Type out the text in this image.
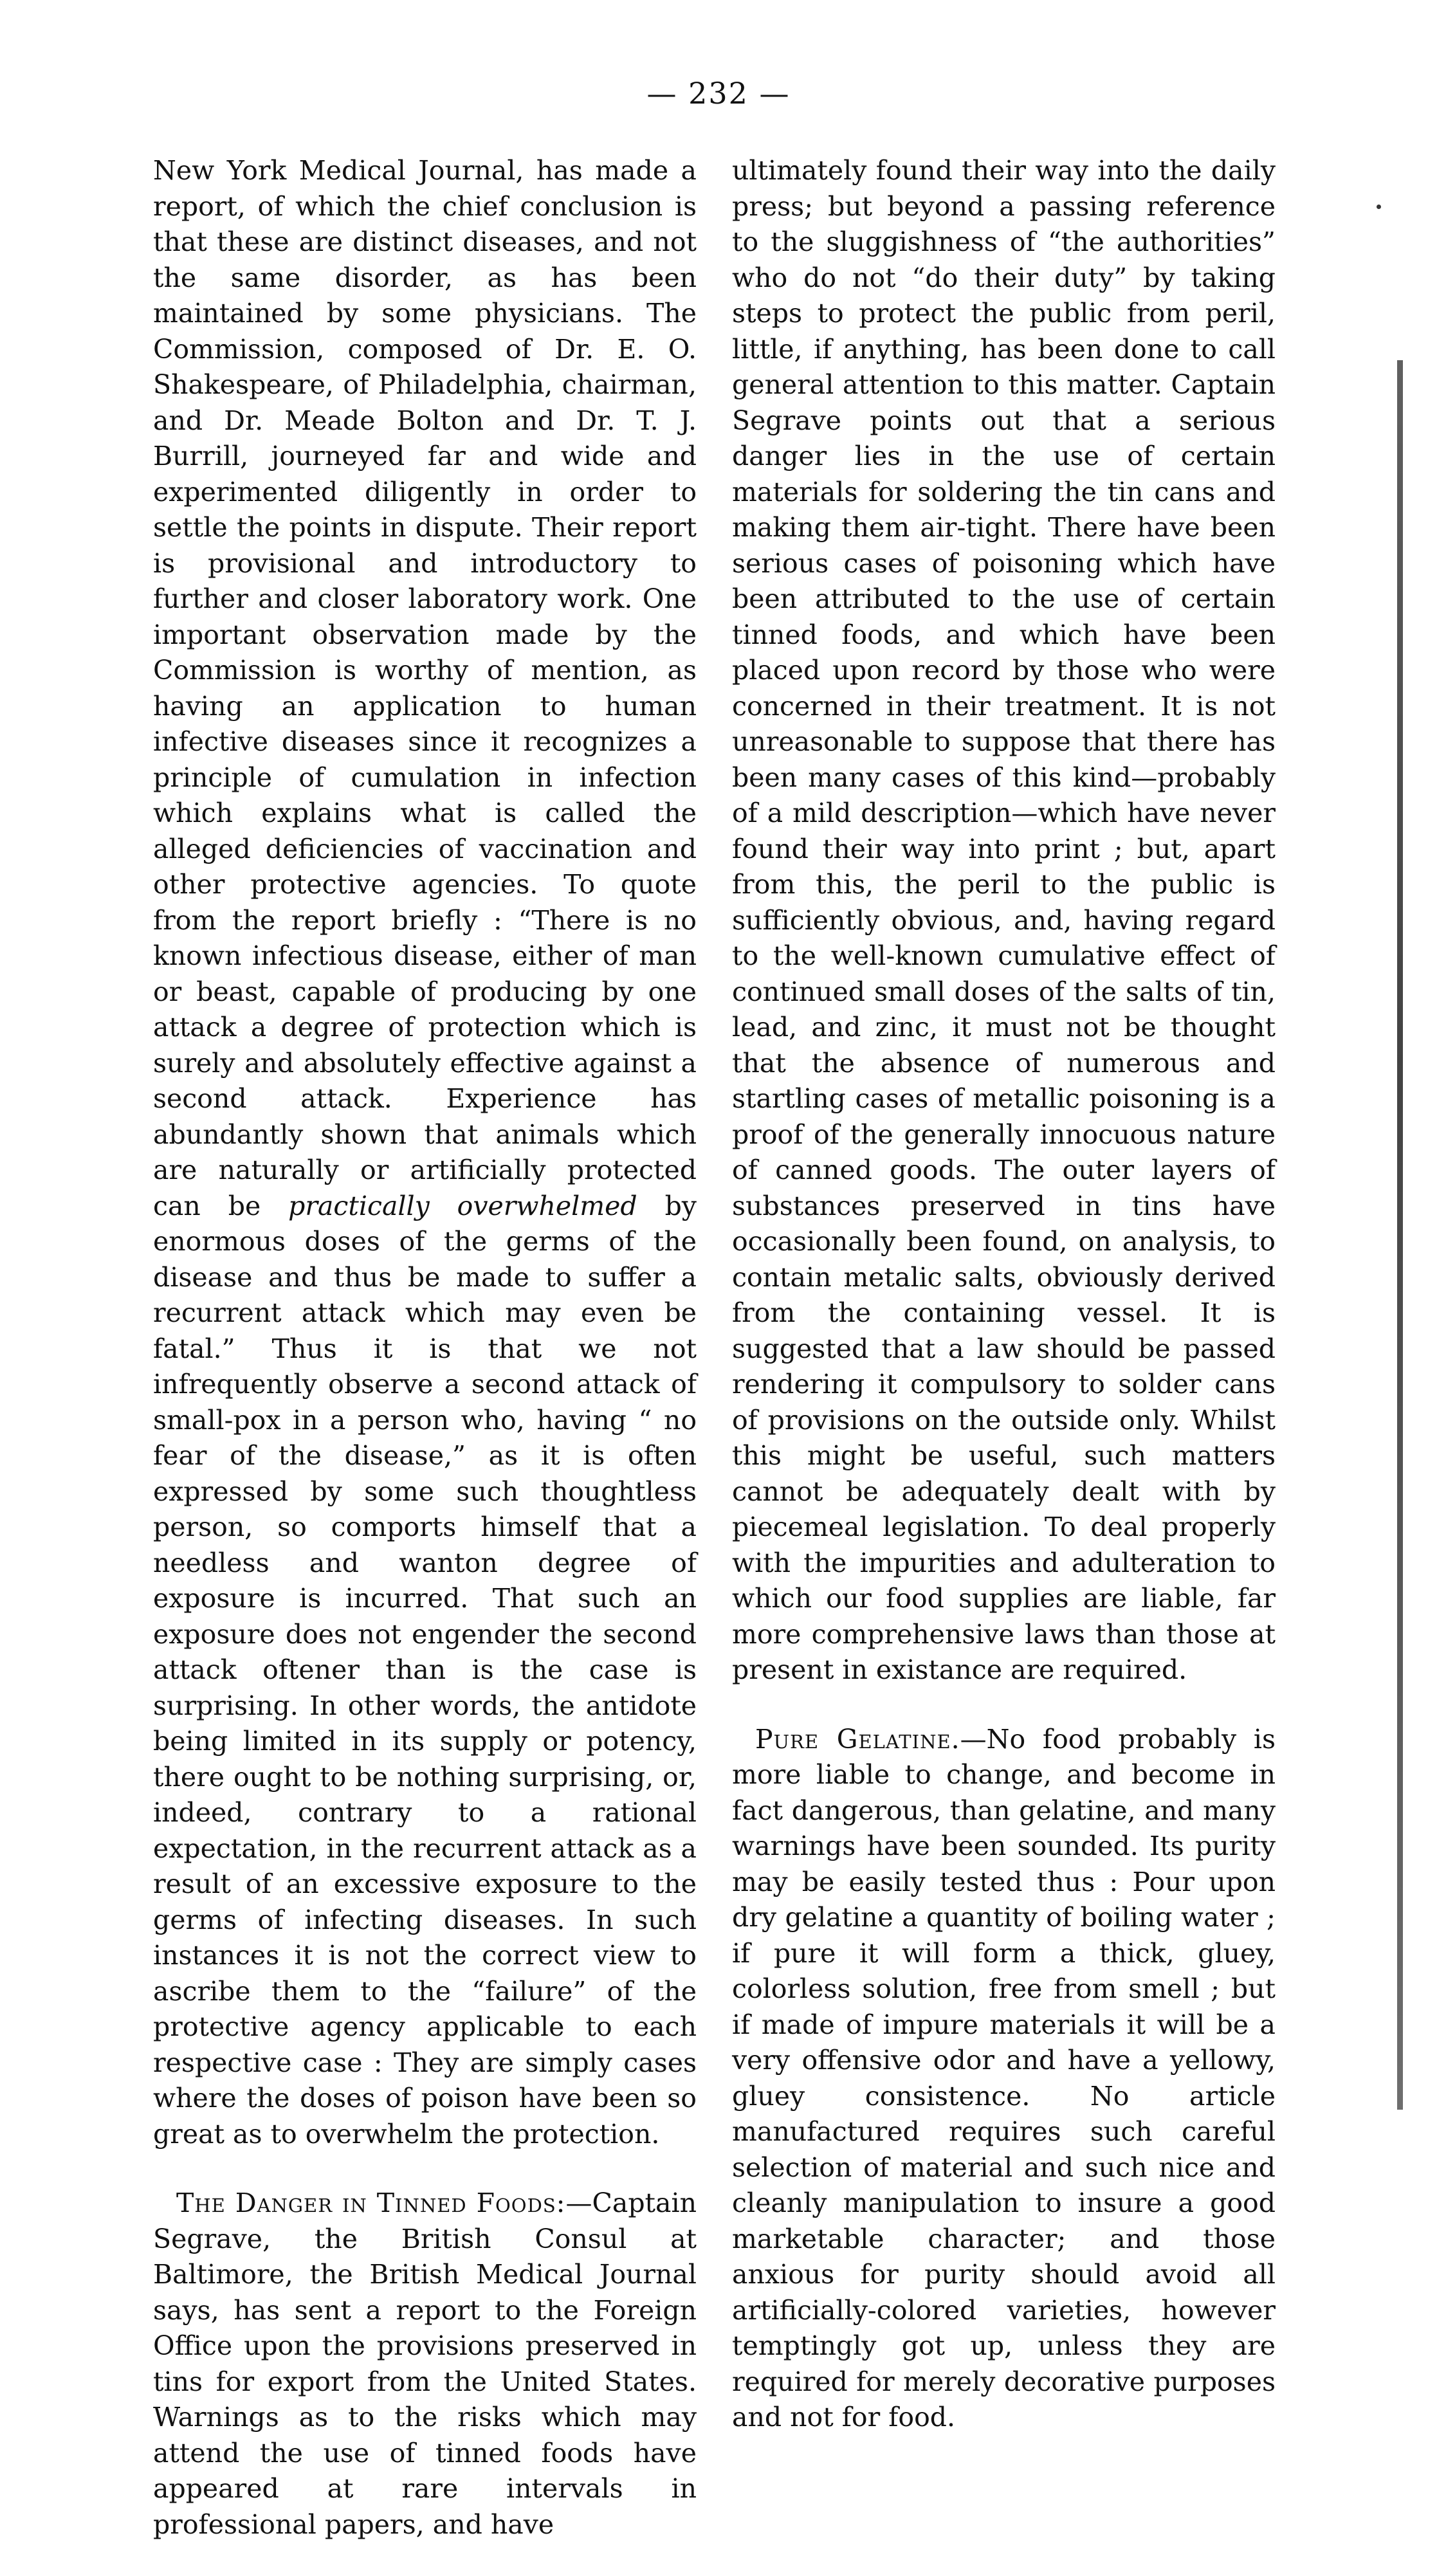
— 232 —

New York Medical Journal, has made a report, of which the chief conclusion is that these are distinct diseases, and not the same disorder, as has been maintained by some physicians. The Commission, composed of Dr. E. O. Shakespeare, of Philadelphia, chairman, and Dr. Meade Bolton and Dr. T. J. Burrill, journeyed far and wide and experimented diligently in order to settle the points in dispute. Their report is provisional and introductory to further and closer laboratory work. One important observation made by the Commission is worthy of mention, as having an application to human infective diseases since it recognizes a principle of cumulation in infection which explains what is called the alleged deficiencies of vaccination and other protective agencies. To quote from the report briefly : “There is no known infectious disease, either of man or beast, capable of producing by one attack a degree of protection which is surely and absolutely effective against a second attack. Experience has abundantly shown that animals which are naturally or artificially protected can be practically overwhelmed by enormous doses of the germs of the disease and thus be made to suffer a recurrent attack which may even be fatal.” Thus it is that we not infrequently observe a second attack of small-pox in a person who, having “ no fear of the disease,” as it is often expressed by some such thoughtless person, so comports himself that a needless and wanton degree of exposure is incurred. That such an exposure does not engender the second attack oftener than is the case is surprising. In other words, the antidote being limited in its supply or potency, there ought to be nothing surprising, or, indeed, contrary to a rational expectation, in the recurrent attack as a result of an excessive exposure to the germs of infecting diseases. In such instances it is not the correct view to ascribe them to the “failure” of the protective agency applicable to each respective case : They are simply cases where the doses of poison have been so great as to overwhelm the protection.

The Danger in Tinned Foods:—Captain Segrave, the British Consul at Baltimore, the British Medical Journal says, has sent a report to the Foreign Office upon the provisions preserved in tins for export from the United States. Warnings as to the risks which may attend the use of tinned foods have appeared at rare intervals in professional papers, and have

ultimately found their way into the daily press; but beyond a passing reference to the sluggishness of “the authorities” who do not “do their duty” by taking steps to protect the public from peril, little, if anything, has been done to call general attention to this matter. Captain Segrave points out that a serious danger lies in the use of certain materials for soldering the tin cans and making them air-tight. There have been serious cases of poisoning which have been attributed to the use of certain tinned foods, and which have been placed upon record by those who were concerned in their treatment. It is not unreasonable to suppose that there has been many cases of this kind—probably of a mild description—which have never found their way into print ; but, apart from this, the peril to the public is sufficiently obvious, and, having regard to the well-known cumulative effect of continued small doses of the salts of tin, lead, and zinc, it must not be thought that the absence of numerous and startling cases of metallic poisoning is a proof of the generally innocuous nature of canned goods. The outer layers of substances preserved in tins have occasionally been found, on analysis, to contain metalic salts, obviously derived from the containing vessel. It is suggested that a law should be passed rendering it compulsory to solder cans of provisions on the outside only. Whilst this might be useful, such matters cannot be adequately dealt with by piecemeal legislation. To deal properly with the impurities and adulteration to which our food supplies are liable, far more comprehensive laws than those at present in existance are required.

Pure Gelatine.—No food probably is more liable to change, and become in fact dangerous, than gelatine, and many warnings have been sounded. Its purity may be easily tested thus : Pour upon dry gelatine a quantity of boiling water ; if pure it will form a thick, gluey, colorless solution, free from smell ; but if made of impure materials it will be a very offensive odor and have a yellowy, gluey consistence. No article manufactured requires such careful selection of material and such nice and cleanly manipulation to insure a good marketable character; and those anxious for purity should avoid all artificially-colored varieties, however temptingly got up, unless they are required for merely decorative purposes and not for food.
